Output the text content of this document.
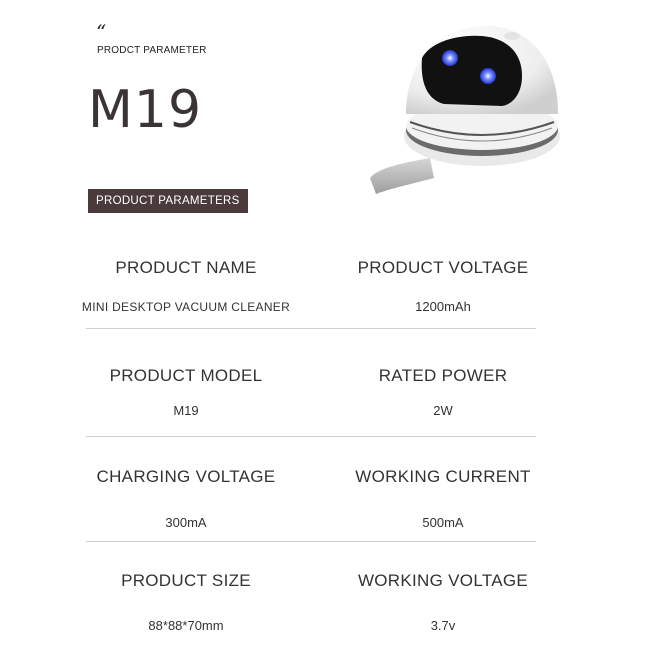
“
PRODCT PARAMETER
M19
PRODUCT PARAMETERS
PRODUCT NAME	PRODUCT VOLTAGE
MINI DESKTOP VACUUM CLEANER	1200mAh
PRODUCT MODEL	RATED POWER
M19	2W
CHARGING VOLTAGE	WORKING CURRENT
300mA	500mA
PRODUCT SIZE	WORKING VOLTAGE
88*88*70mm	3.7v
